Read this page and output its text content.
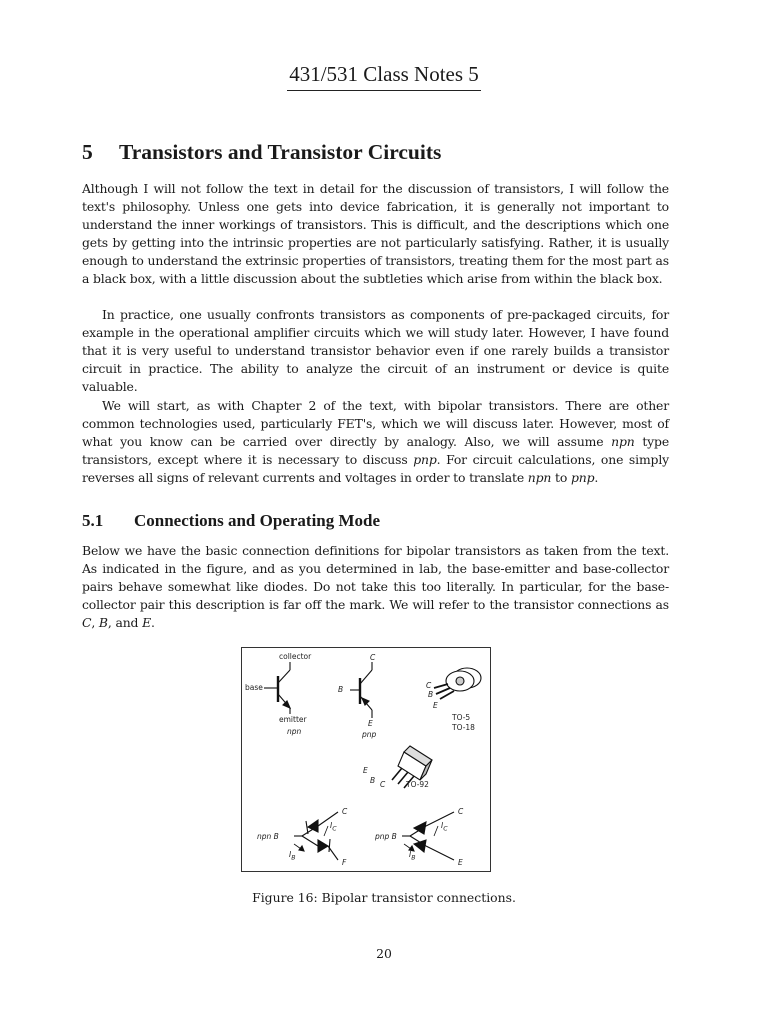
431/531 Class Notes 5
5 Transistors and Transistor Circuits

Although I will not follow the text in detail for the discussion of transistors, I will follow the text's philosophy. Unless one gets into device fabrication, it is generally not important to understand the inner workings of transistors. This is difficult, and the descriptions which one gets by getting into the intrinsic properties are not particularly satisfying. Rather, it is usually enough to understand the extrinsic properties of transistors, treating them for the most part as a black box, with a little discussion about the subtleties which arise from within the black box.

In practice, one usually confronts transistors as components of pre-packaged circuits, for example in the operational amplifier circuits which we will study later. However, I have found that it is very useful to understand transistor behavior even if one rarely builds a transistor circuit in practice. The ability to analyze the circuit of an instrument or device is quite valuable.

We will start, as with Chapter 2 of the text, with bipolar transistors. There are other common technologies used, particularly FET's, which we will discuss later. However, most of what you know can be carried over directly by analogy. Also, we will assume npn type transistors, except where it is necessary to discuss pnp. For circuit calculations, one simply reverses all signs of relevant currents and voltages in order to translate npn to pnp.

5.1 Connections and Operating Mode

Below we have the basic connection definitions for bipolar transistors as taken from the text. As indicated in the figure, and as you determined in lab, the base-emitter and base-collector pairs behave somewhat like diodes. Do not take this too literally. In particular, for the base-collector pair this description is far off the mark. We will refer to the transistor connections as C, B, and E.

collector
base
emitter
npn
C
B
E
pnp
C
B
E
TO-5
TO-18
E
B C	TO-92
C
npn B
$I_C$
$I_B$	F
C
pnp B
$I_C$
$I_B$	E
Figure 16: Bipolar transistor connections.
20
